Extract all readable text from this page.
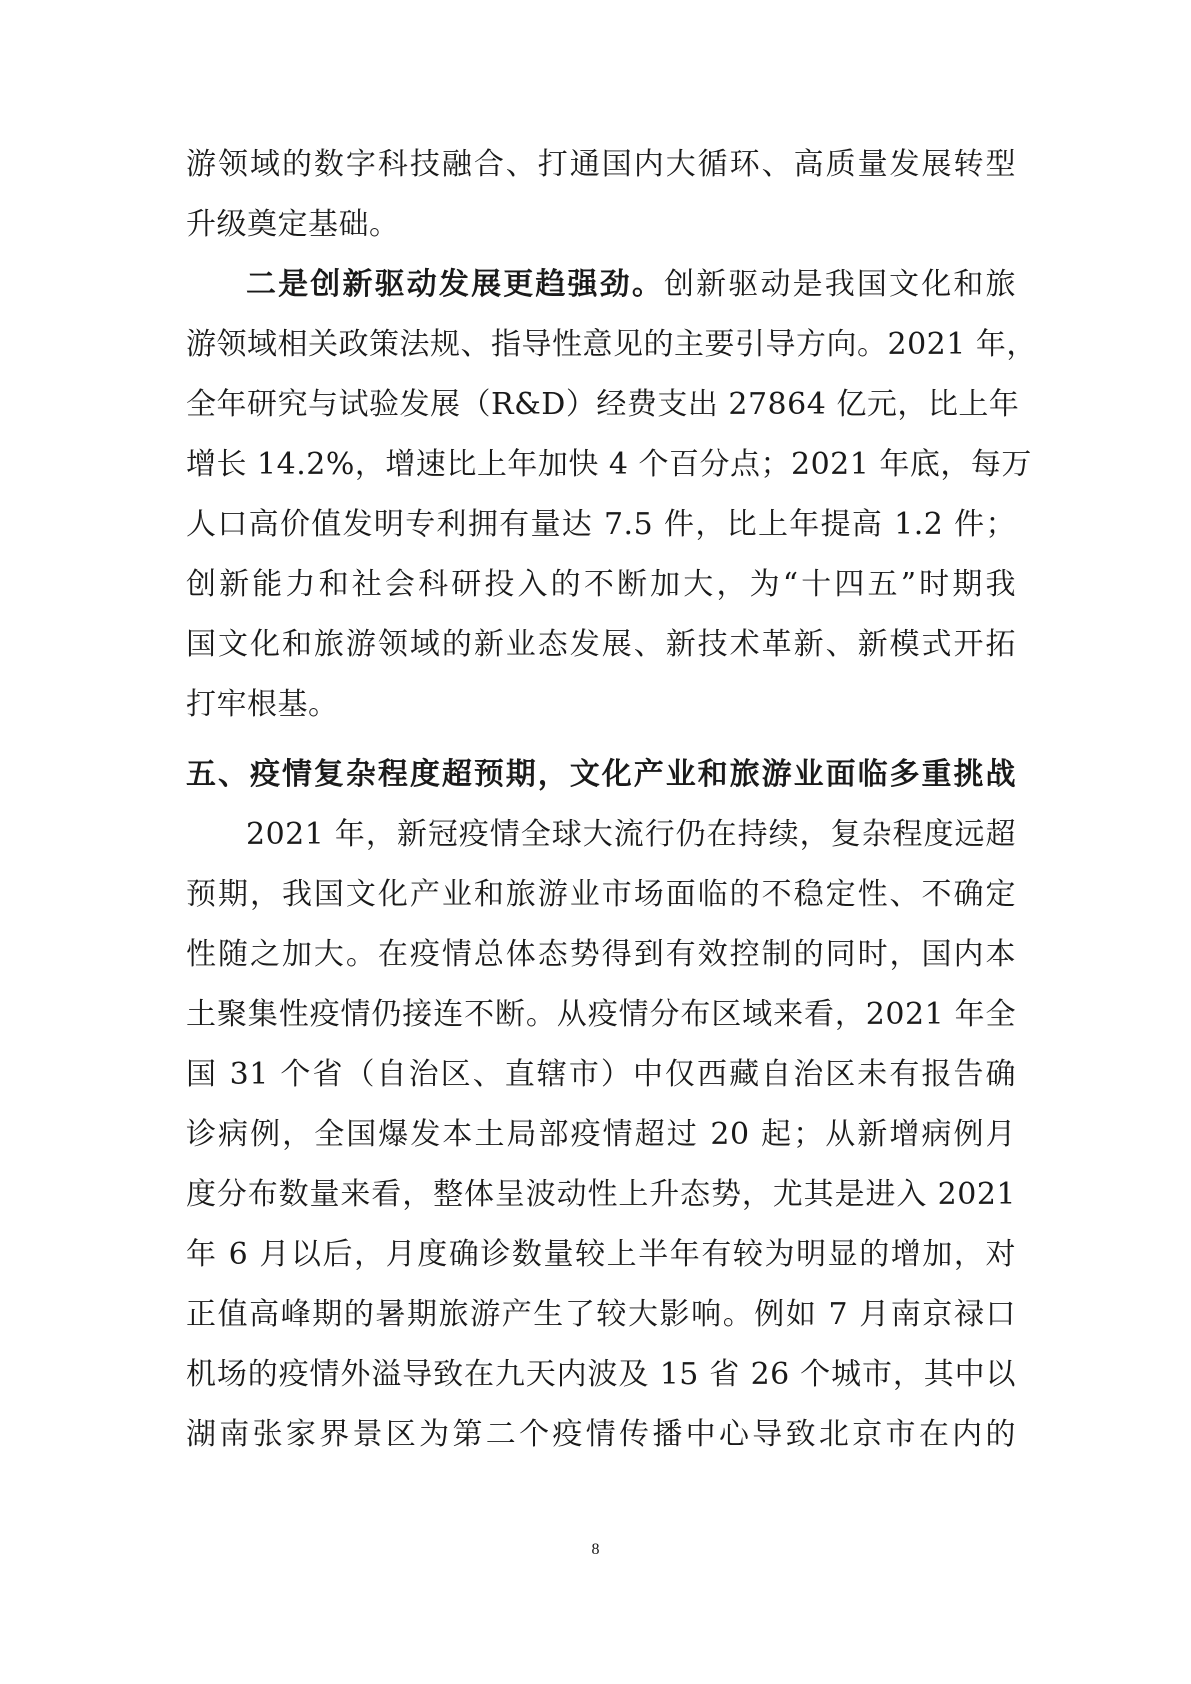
游领域的数字科技融合、打通国内大循环、高质量发展转型
升级奠定基础。
二是创新驱动发展更趋强劲。创新驱动是我国文化和旅
游领域相关政策法规、指导性意见的主要引导方向。2021 年，
全年研究与试验发展（R&D）经费支出 27864 亿元，比上年
增长 14.2%，增速比上年加快 4 个百分点；2021 年底，每万
人口高价值发明专利拥有量达 7.5 件，比上年提高 1.2 件；
创新能力和社会科研投入的不断加大，为“十四五”时期我
国文化和旅游领域的新业态发展、新技术革新、新模式开拓
打牢根基。
五、疫情复杂程度超预期，文化产业和旅游业面临多重挑战
2021 年，新冠疫情全球大流行仍在持续，复杂程度远超
预期，我国文化产业和旅游业市场面临的不稳定性、不确定
性随之加大。在疫情总体态势得到有效控制的同时，国内本
土聚集性疫情仍接连不断。从疫情分布区域来看，2021 年全
国 31 个省（自治区、直辖市）中仅西藏自治区未有报告确
诊病例，全国爆发本土局部疫情超过 20 起；从新增病例月
度分布数量来看，整体呈波动性上升态势，尤其是进入 2021
年 6 月以后，月度确诊数量较上半年有较为明显的增加，对
正值高峰期的暑期旅游产生了较大影响。例如 7 月南京禄口
机场的疫情外溢导致在九天内波及 15 省 26 个城市，其中以
湖南张家界景区为第二个疫情传播中心导致北京市在内的
8
